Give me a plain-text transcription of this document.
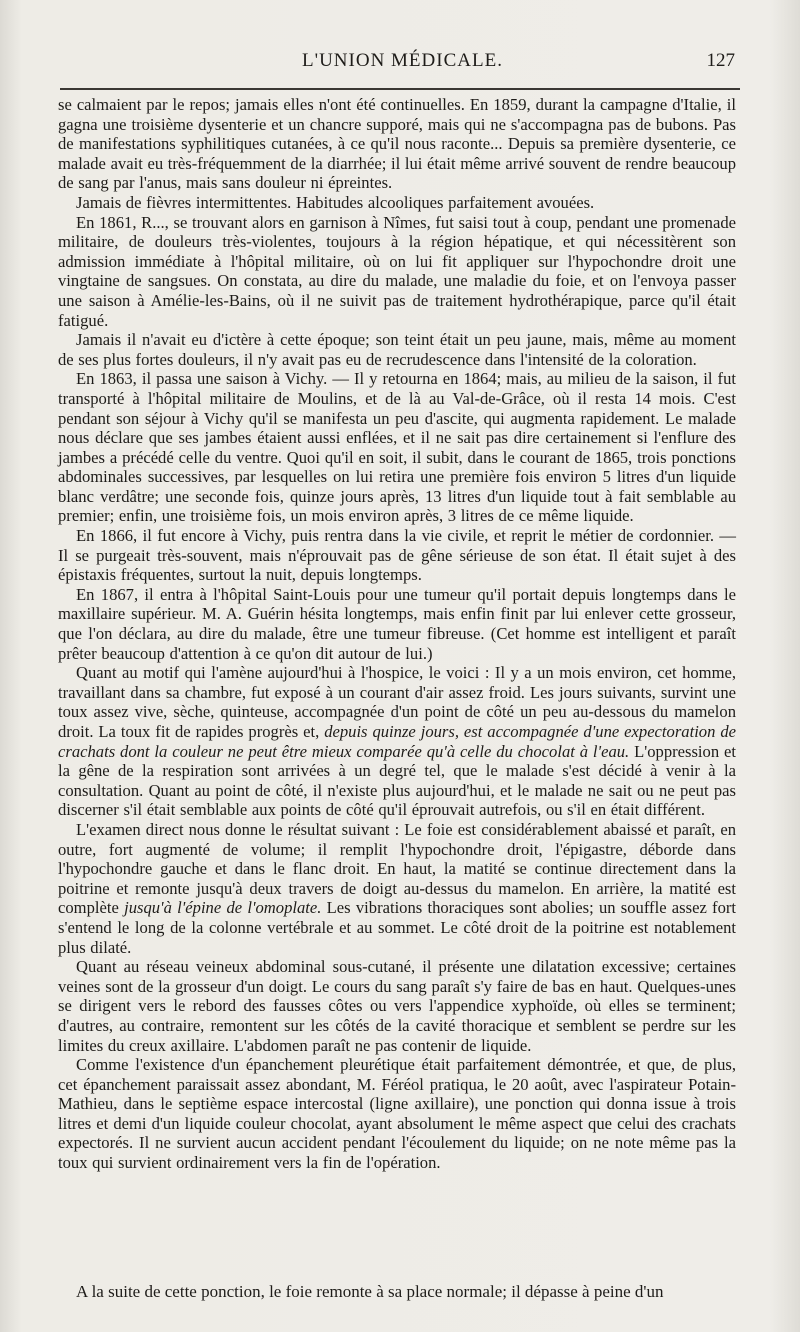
L'UNION MÉDICALE.	127

se calmaient par le repos; jamais elles n'ont été continuelles. En 1859, durant la campagne d'Italie, il gagna une troisième dysenterie et un chancre supporé, mais qui ne s'accompagna pas de bubons. Pas de manifestations syphilitiques cutanées, à ce qu'il nous raconte... Depuis sa première dysenterie, ce malade avait eu très-fréquemment de la diarrhée; il lui était même arrivé souvent de rendre beaucoup de sang par l'anus, mais sans douleur ni épreintes.

Jamais de fièvres intermittentes. Habitudes alcooliques parfaitement avouées.

En 1861, R..., se trouvant alors en garnison à Nîmes, fut saisi tout à coup, pendant une promenade militaire, de douleurs très-violentes, toujours à la région hépatique, et qui nécessitèrent son admission immédiate à l'hôpital militaire, où on lui fit appliquer sur l'hypochondre droit une vingtaine de sangsues. On constata, au dire du malade, une maladie du foie, et on l'envoya passer une saison à Amélie-les-Bains, où il ne suivit pas de traitement hydrothérapique, parce qu'il était fatigué.

Jamais il n'avait eu d'ictère à cette époque; son teint était un peu jaune, mais, même au moment de ses plus fortes douleurs, il n'y avait pas eu de recrudescence dans l'intensité de la coloration.

En 1863, il passa une saison à Vichy. — Il y retourna en 1864; mais, au milieu de la saison, il fut transporté à l'hôpital militaire de Moulins, et de là au Val-de-Grâce, où il resta 14 mois. C'est pendant son séjour à Vichy qu'il se manifesta un peu d'ascite, qui augmenta rapidement. Le malade nous déclare que ses jambes étaient aussi enflées, et il ne sait pas dire certainement si l'enflure des jambes a précédé celle du ventre. Quoi qu'il en soit, il subit, dans le courant de 1865, trois ponctions abdominales successives, par lesquelles on lui retira une première fois environ 5 litres d'un liquide blanc verdâtre; une seconde fois, quinze jours après, 13 litres d'un liquide tout à fait semblable au premier; enfin, une troisième fois, un mois environ après, 3 litres de ce même liquide.

En 1866, il fut encore à Vichy, puis rentra dans la vie civile, et reprit le métier de cordonnier. — Il se purgeait très-souvent, mais n'éprouvait pas de gêne sérieuse de son état. Il était sujet à des épistaxis fréquentes, surtout la nuit, depuis longtemps.

En 1867, il entra à l'hôpital Saint-Louis pour une tumeur qu'il portait depuis longtemps dans le maxillaire supérieur. M. A. Guérin hésita longtemps, mais enfin finit par lui enlever cette grosseur, que l'on déclara, au dire du malade, être une tumeur fibreuse. (Cet homme est intelligent et paraît prêter beaucoup d'attention à ce qu'on dit autour de lui.)

Quant au motif qui l'amène aujourd'hui à l'hospice, le voici : Il y a un mois environ, cet homme, travaillant dans sa chambre, fut exposé à un courant d'air assez froid. Les jours suivants, survint une toux assez vive, sèche, quinteuse, accompagnée d'un point de côté un peu au-dessous du mamelon droit. La toux fit de rapides progrès et, depuis quinze jours, est accompagnée d'une expectoration de crachats dont la couleur ne peut être mieux comparée qu'à celle du chocolat à l'eau. L'oppression et la gêne de la respiration sont arrivées à un degré tel, que le malade s'est décidé à venir à la consultation. Quant au point de côté, il n'existe plus aujourd'hui, et le malade ne sait ou ne peut pas discerner s'il était semblable aux points de côté qu'il éprouvait autrefois, ou s'il en était différent.

L'examen direct nous donne le résultat suivant : Le foie est considérablement abaissé et paraît, en outre, fort augmenté de volume; il remplit l'hypochondre droit, l'épigastre, déborde dans l'hypochondre gauche et dans le flanc droit. En haut, la matité se continue directement dans la poitrine et remonte jusqu'à deux travers de doigt au-dessus du mamelon. En arrière, la matité est complète jusqu'à l'épine de l'omoplate. Les vibrations thoraciques sont abolies; un souffle assez fort s'entend le long de la colonne vertébrale et au sommet. Le côté droit de la poitrine est notablement plus dilaté.

Quant au réseau veineux abdominal sous-cutané, il présente une dilatation excessive; certaines veines sont de la grosseur d'un doigt. Le cours du sang paraît s'y faire de bas en haut. Quelques-unes se dirigent vers le rebord des fausses côtes ou vers l'appendice xyphoïde, où elles se terminent; d'autres, au contraire, remontent sur les côtés de la cavité thoracique et semblent se perdre sur les limites du creux axillaire. L'abdomen paraît ne pas contenir de liquide.

Comme l'existence d'un épanchement pleurétique était parfaitement démontrée, et que, de plus, cet épanchement paraissait assez abondant, M. Féréol pratiqua, le 20 août, avec l'aspirateur Potain-Mathieu, dans le septième espace intercostal (ligne axillaire), une ponction qui donna issue à trois litres et demi d'un liquide couleur chocolat, ayant absolument le même aspect que celui des crachats expectorés. Il ne survient aucun accident pendant l'écoulement du liquide; on ne note même pas la toux qui survient ordinairement vers la fin de l'opération.

A la suite de cette ponction, le foie remonte à sa place normale; il dépasse à peine d'un
